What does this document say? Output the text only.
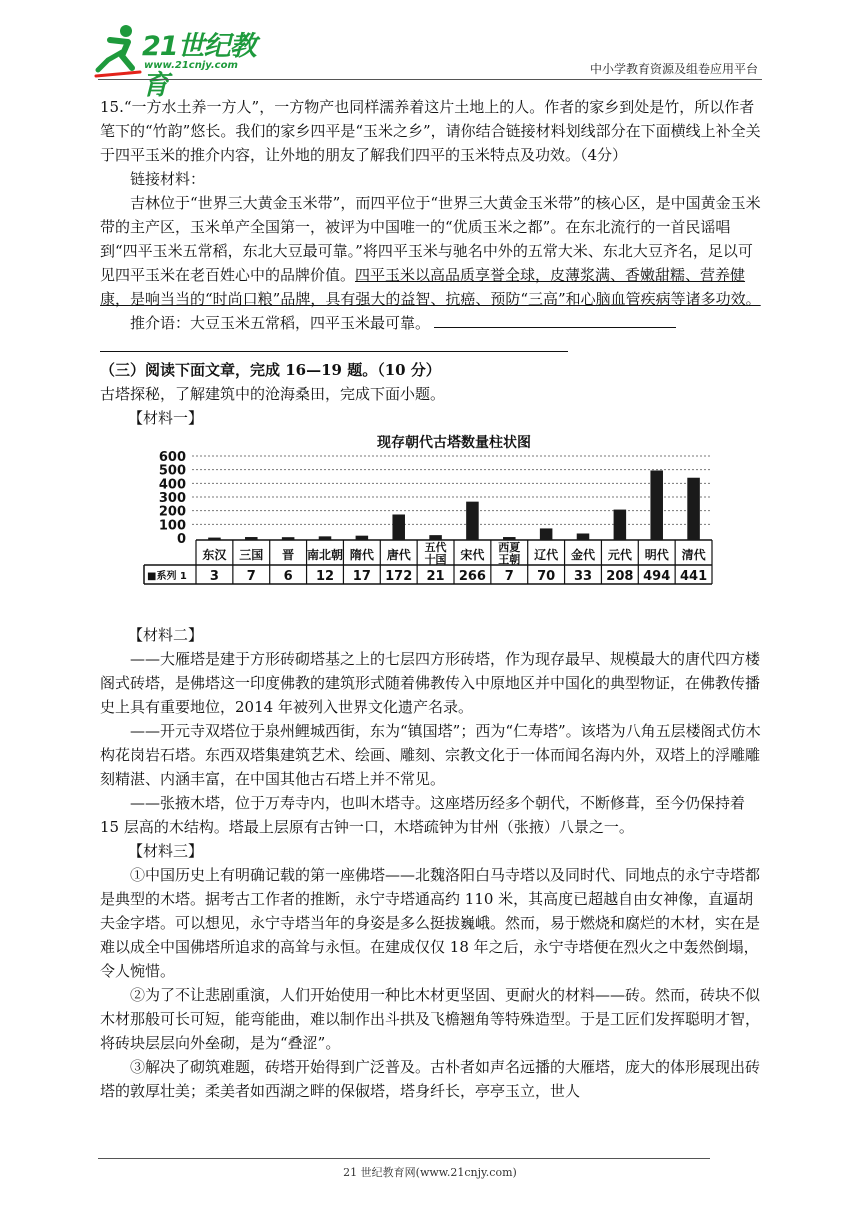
21世纪教育
www.21cnjy.com	中小学教育资源及组卷应用平台

15.“一方水土养一方人”，一方物产也同样濡养着这片土地上的人。作者的家乡到处是竹，所以作者笔下的“竹韵”悠长。我们的家乡四平是“玉米之乡”，请你结合链接材料划线部分在下面横线上补全关于四平玉米的推介内容，让外地的朋友了解我们四平的玉米特点及功效。（4分）

链接材料：

吉林位于“世界三大黄金玉米带”，而四平位于“世界三大黄金玉米带”的核心区，是中国黄金玉米带的主产区，玉米单产全国第一，被评为中国唯一的“优质玉米之都”。在东北流行的一首民谣唱到“四平玉米五常稻，东北大豆最可靠。”将四平玉米与驰名中外的五常大米、东北大豆齐名，足以可见四平玉米在老百姓心中的品牌价值。四平玉米以高品质享誉全球，皮薄浆满、香嫩甜糯、营养健康，是响当当的“时尚口粮”品牌，具有强大的益智、抗癌、预防“三高”和心脑血管疾病等诸多功效。

推介语：大豆玉米五常稻，四平玉米最可靠。

（三）阅读下面文章，完成 16—19 题。（10 分）

古塔探秘，了解建筑中的沧海桑田，完成下面小题。

【材料一】

现存朝代古塔数量柱状图
600
500
400
300
200
100
0
■系列 1
东汉
3
三国
7
晋
6
南北朝
12
隋代
17
唐代
172
五代
十国
21
宋代
266
西夏
王朝
7
辽代
70
金代
33
元代
208
明代
494
清代
441

【材料二】

——大雁塔是建于方形砖砌塔基之上的七层四方形砖塔，作为现存最早、规模最大的唐代四方楼阁式砖塔，是佛塔这一印度佛教的建筑形式随着佛教传入中原地区并中国化的典型物证，在佛教传播史上具有重要地位，2014 年被列入世界文化遗产名录。

——开元寺双塔位于泉州鲤城西街，东为“镇国塔”；西为“仁寿塔”。该塔为八角五层楼阁式仿木构花岗岩石塔。东西双塔集建筑艺术、绘画、雕刻、宗教文化于一体而闻名海内外，双塔上的浮雕雕刻精湛、内涵丰富，在中国其他古石塔上并不常见。

——张掖木塔，位于万寿寺内，也叫木塔寺。这座塔历经多个朝代，不断修葺，至今仍保持着 15 层高的木结构。塔最上层原有古钟一口，木塔疏钟为甘州（张掖）八景之一。

【材料三】

①中国历史上有明确记载的第一座佛塔——北魏洛阳白马寺塔以及同时代、同地点的永宁寺塔都是典型的木塔。据考古工作者的推断，永宁寺塔通高约 110 米，其高度已超越自由女神像，直逼胡夫金字塔。可以想见，永宁寺塔当年的身姿是多么挺拔巍峨。然而，易于燃烧和腐烂的木材，实在是难以成全中国佛塔所追求的高耸与永恒。在建成仅仅 18 年之后，永宁寺塔便在烈火之中轰然倒塌，令人惋惜。

②为了不让悲剧重演，人们开始使用一种比木材更坚固、更耐火的材料——砖。然而，砖块不似木材那般可长可短，能弯能曲，难以制作出斗拱及飞檐翘角等特殊造型。于是工匠们发挥聪明才智，将砖块层层向外垒砌，是为“叠涩”。

③解决了砌筑难题，砖塔开始得到广泛普及。古朴者如声名远播的大雁塔，庞大的体形展现出砖塔的敦厚壮美；柔美者如西湖之畔的保俶塔，塔身纤长，亭亭玉立，世人

21 世纪教育网(www.21cnjy.com)
